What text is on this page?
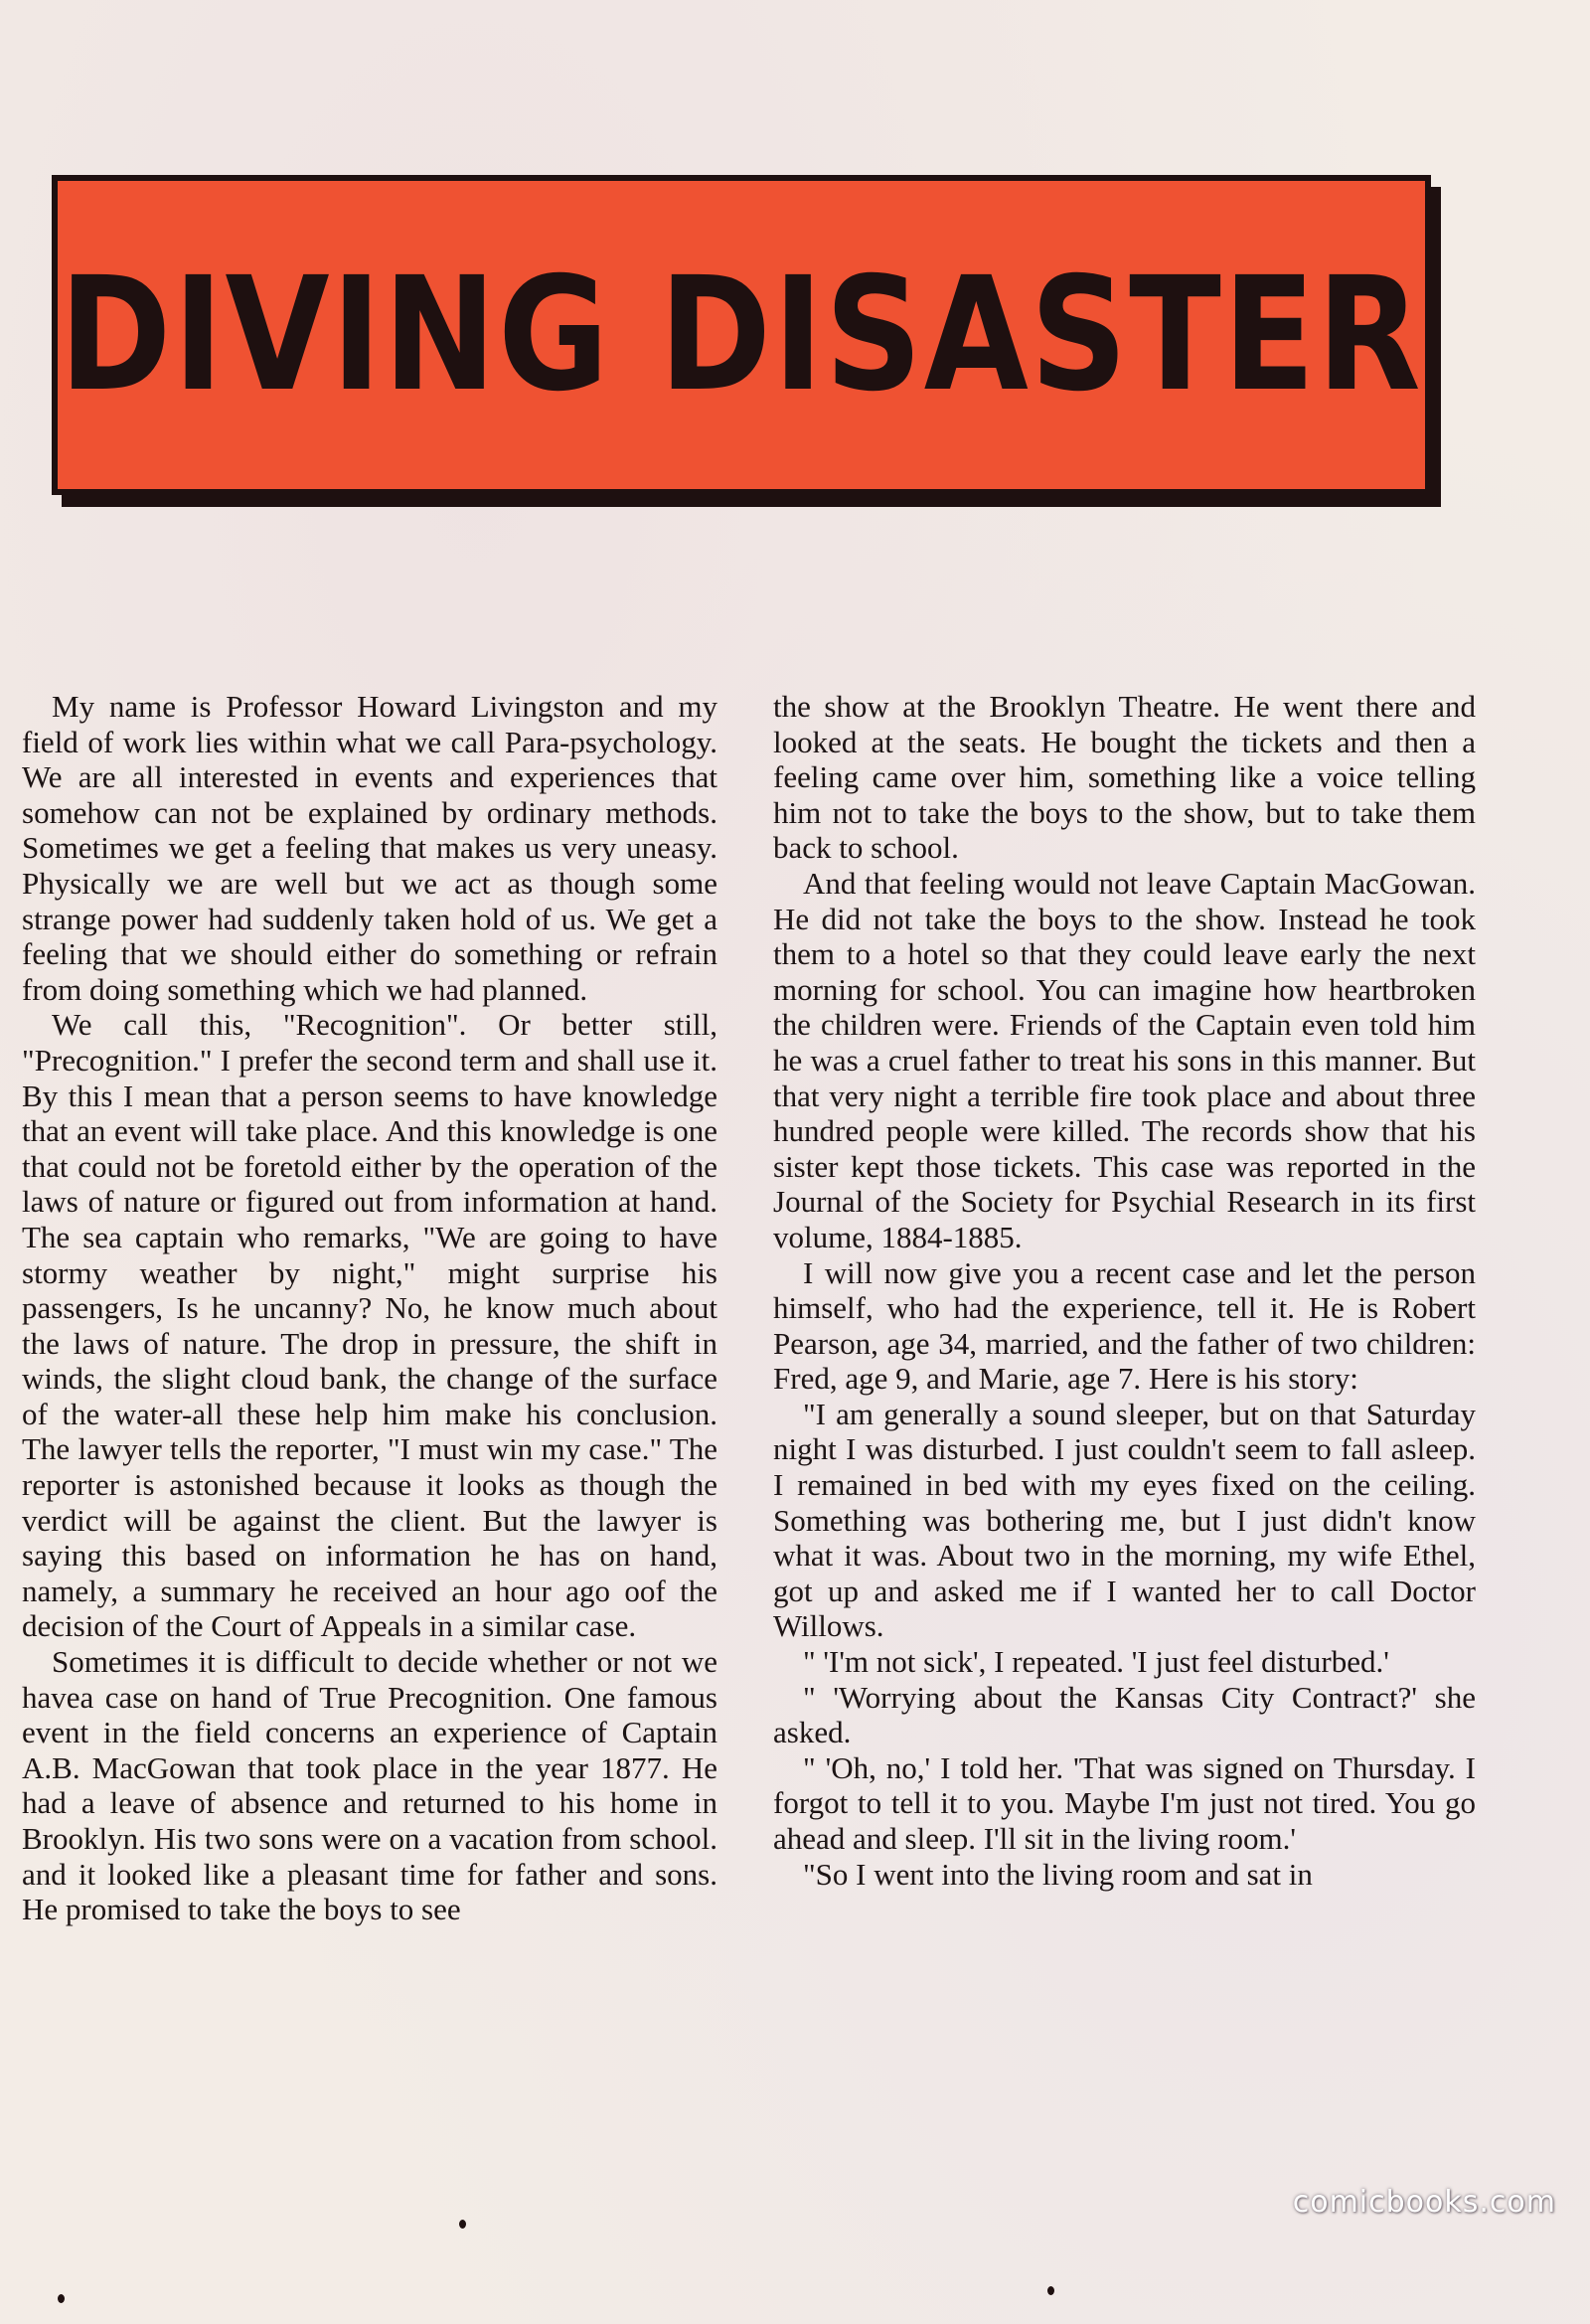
DIVING DISASTER

My name is Professor Howard Livingston and my field of work lies within what we call Para-psychology. We are all interested in events and experiences that somehow can not be explained by ordinary methods. Sometimes we get a feeling that makes us very uneasy. Physically we are well but we act as though some strange power had suddenly taken hold of us. We get a feeling that we should either do something or refrain from doing something which we had planned.

We call this, "Recognition". Or better still, "Precognition." I prefer the second term and shall use it. By this I mean that a person seems to have knowledge that an event will take place. And this knowledge is one that could not be foretold either by the operation of the laws of nature or figured out from information at hand. The sea captain who remarks, "We are going to have stormy weather by night," might surprise his passengers, Is he uncanny? No, he know much about the laws of nature. The drop in pressure, the shift in winds, the slight cloud bank, the change of the surface of the water-all these help him make his conclusion. The lawyer tells the reporter, "I must win my case." The reporter is astonished because it looks as though the verdict will be against the client. But the lawyer is saying this based on information he has on hand, namely, a summary he received an hour ago oof the decision of the Court of Appeals in a similar case.

Sometimes it is difficult to decide whether or not we havea case on hand of True Precognition. One famous event in the field concerns an experience of Captain A.B. MacGowan that took place in the year 1877. He had a leave of absence and returned to his home in Brooklyn. His two sons were on a vacation from school. and it looked like a pleasant time for father and sons. He promised to take the boys to see

the show at the Brooklyn Theatre. He went there and looked at the seats. He bought the tickets and then a feeling came over him, something like a voice telling him not to take the boys to the show, but to take them back to school.

And that feeling would not leave Captain MacGowan. He did not take the boys to the show. Instead he took them to a hotel so that they could leave early the next morning for school. You can imagine how heartbroken the children were. Friends of the Captain even told him he was a cruel father to treat his sons in this manner. But that very night a terrible fire took place and about three hundred people were killed. The records show that his sister kept those tickets. This case was reported in the Journal of the Society for Psychial Research in its first volume, 1884-1885.

I will now give you a recent case and let the person himself, who had the experience, tell it. He is Robert Pearson, age 34, married, and the father of two children: Fred, age 9, and Marie, age 7. Here is his story:

"I am generally a sound sleeper, but on that Saturday night I was disturbed. I just couldn't seem to fall asleep. I remained in bed with my eyes fixed on the ceiling. Something was bothering me, but I just didn't know what it was. About two in the morning, my wife Ethel, got up and asked me if I wanted her to call Doctor Willows.

" 'I'm not sick', I repeated. 'I just feel disturbed.'

" 'Worrying about the Kansas City Contract?' she asked.

" 'Oh, no,' I told her. 'That was signed on Thursday. I forgot to tell it to you. Maybe I'm just not tired. You go ahead and sleep. I'll sit in the living room.'

"So I went into the living room and sat in

comicbooks.com
